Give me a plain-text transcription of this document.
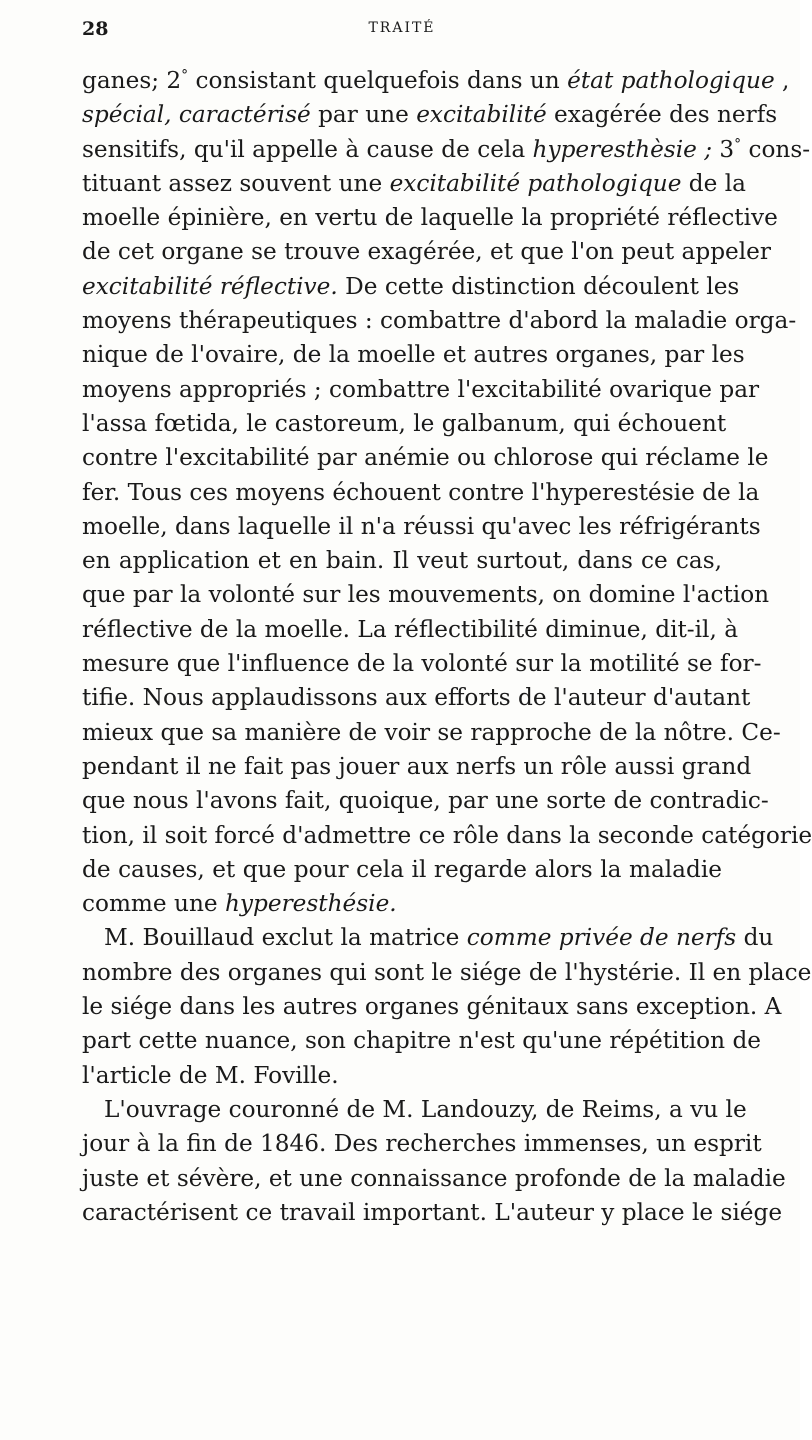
28	TRAITÉ
ganes; 2° consistant quelquefois dans un état pathologique ,
spécial, caractérisé par une excitabilité exagérée des nerfs
sensitifs, qu'il appelle à cause de cela hyperesthèsie ; 3° cons-
tituant assez souvent une excitabilité pathologique de la
moelle épinière, en vertu de laquelle la propriété réflective
de cet organe se trouve exagérée, et que l'on peut appeler
excitabilité réflective. De cette distinction découlent les
moyens thérapeutiques : combattre d'abord la maladie orga-
nique de l'ovaire, de la moelle et autres organes, par les
moyens appropriés ; combattre l'excitabilité ovarique par
l'assa fœtida, le castoreum, le galbanum, qui échouent
contre l'excitabilité par anémie ou chlorose qui réclame le
fer. Tous ces moyens échouent contre l'hyperestésie de la
moelle, dans laquelle il n'a réussi qu'avec les réfrigérants
en application et en bain. Il veut surtout, dans ce cas,
que par la volonté sur les mouvements, on domine l'action
réflective de la moelle. La réflectibilité diminue, dit-il, à
mesure que l'influence de la volonté sur la motilité se for-
tifie. Nous applaudissons aux efforts de l'auteur d'autant
mieux que sa manière de voir se rapproche de la nôtre. Ce-
pendant il ne fait pas jouer aux nerfs un rôle aussi grand
que nous l'avons fait, quoique, par une sorte de contradic-
tion, il soit forcé d'admettre ce rôle dans la seconde catégorie
de causes, et que pour cela il regarde alors la maladie
comme une hyperesthésie.
M. Bouillaud exclut la matrice comme privée de nerfs du
nombre des organes qui sont le siége de l'hystérie. Il en place
le siége dans les autres organes génitaux sans exception. A
part cette nuance, son chapitre n'est qu'une répétition de
l'article de M. Foville.
L'ouvrage couronné de M. Landouzy, de Reims, a vu le
jour à la fin de 1846. Des recherches immenses, un esprit
juste et sévère, et une connaissance profonde de la maladie
caractérisent ce travail important. L'auteur y place le siége
